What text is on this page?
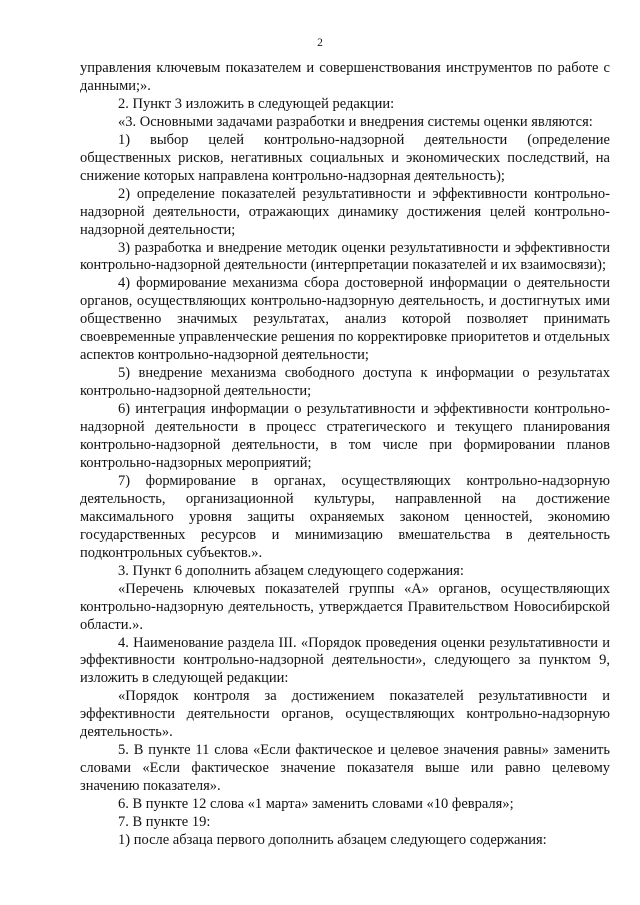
2

управления ключевым показателем и совершенствования инструментов по работе с данными;».

2. Пункт 3 изложить в следующей редакции:

«3. Основными задачами разработки и внедрения системы оценки являются:

1) выбор целей контрольно-надзорной деятельности (определение общественных рисков, негативных социальных и экономических последствий, на снижение которых направлена контрольно-надзорная деятельность);

2) определение показателей результативности и эффективности контрольно-надзорной деятельности, отражающих динамику достижения целей контрольно-надзорной деятельности;

3) разработка и внедрение методик оценки результативности и эффективности контрольно-надзорной деятельности (интерпретации показателей и их взаимосвязи);

4) формирование механизма сбора достоверной информации о деятельности органов, осуществляющих контрольно-надзорную деятельность, и достигнутых ими общественно значимых результатах, анализ которой позволяет принимать своевременные управленческие решения по корректировке приоритетов и отдельных аспектов контрольно-надзорной деятельности;

5) внедрение механизма свободного доступа к информации о результатах контрольно-надзорной деятельности;

6) интеграция информации о результативности и эффективности контрольно-надзорной деятельности в процесс стратегического и текущего планирования контрольно-надзорной деятельности, в том числе при формировании планов контрольно-надзорных мероприятий;

7) формирование в органах, осуществляющих контрольно-надзорную деятельность, организационной культуры, направленной на достижение максимального уровня защиты охраняемых законом ценностей, экономию государственных ресурсов и минимизацию вмешательства в деятельность подконтрольных субъектов.».

3. Пункт 6 дополнить абзацем следующего содержания:

«Перечень ключевых показателей группы «А» органов, осуществляющих контрольно-надзорную деятельность, утверждается Правительством Новосибирской области.».

4. Наименование раздела III. «Порядок проведения оценки результативности и эффективности контрольно-надзорной деятельности», следующего за пунктом 9, изложить в следующей редакции:

«Порядок контроля за достижением показателей результативности и эффективности деятельности органов, осуществляющих контрольно-надзорную деятельность».

5. В пункте 11 слова «Если фактическое и целевое значения равны» заменить словами «Если фактическое значение показателя выше или равно целевому значению показателя».

6. В пункте 12 слова «1 марта» заменить словами «10 февраля»;

7. В пункте 19:

1) после абзаца первого дополнить абзацем следующего содержания:
